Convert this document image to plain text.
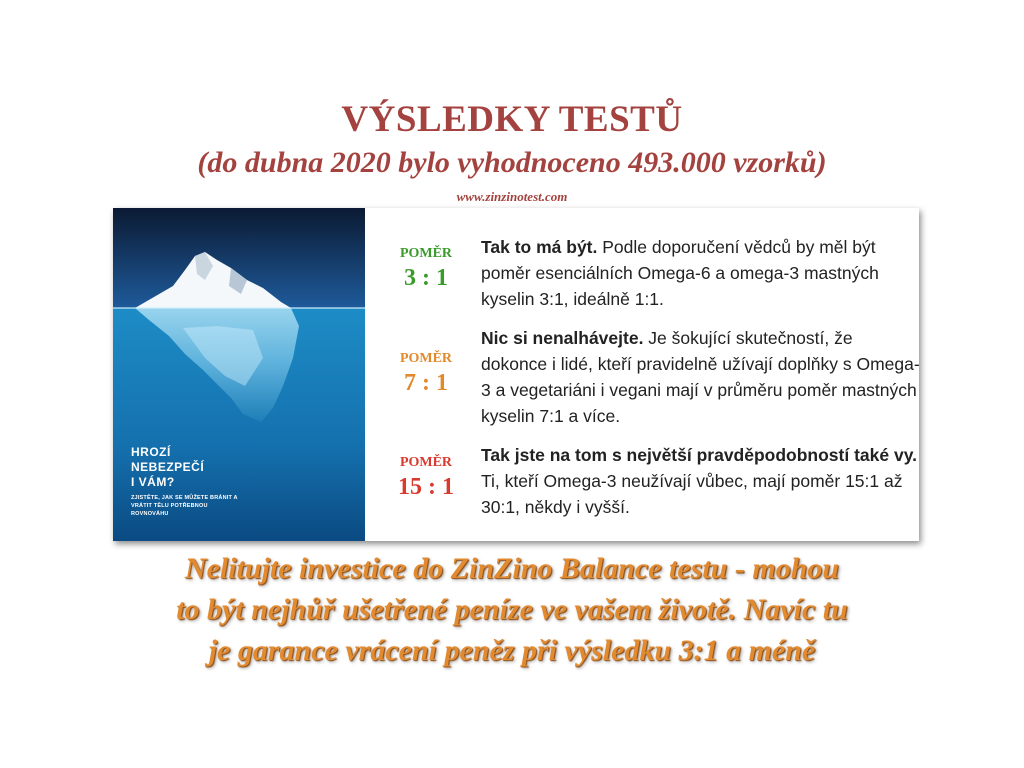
VÝSLEDKY TESTŮ
(do dubna 2020 bylo vyhodnoceno 493.000 vzorků)
www.zinzinotest.com
HROZÍ
NEBEZPEČÍ
I VÁM?
ZJISTĚTE, JAK SE MŮŽETE BRÁNIT A
VRÁTIT TĚLU POTŘEBNOU
ROVNOVÁHU
POMĚR
3 : 1
Tak to má být. Podle doporučení vědců by měl být poměr esenciálních Omega-6 a omega-3 mastných kyselin 3:1, ideálně 1:1.
POMĚR
7 : 1
Nic si nenalhávejte. Je šokující skutečností, že dokonce i lidé, kteří pravidelně užívají doplňky s Omega-3 a vegetariáni i vegani mají v průměru poměr mastných kyselin 7:1 a více.
POMĚR
15 : 1
Tak jste na tom s největší pravděpodobností také vy. Ti, kteří Omega-3 neužívají vůbec, mají poměr 15:1 až 30:1, někdy i vyšší.
Nelitujte investice do ZinZino Balance testu - mohou
to být nejhůř ušetřené peníze ve vašem životě. Navíc tu
je garance vrácení peněz při výsledku 3:1 a méně
